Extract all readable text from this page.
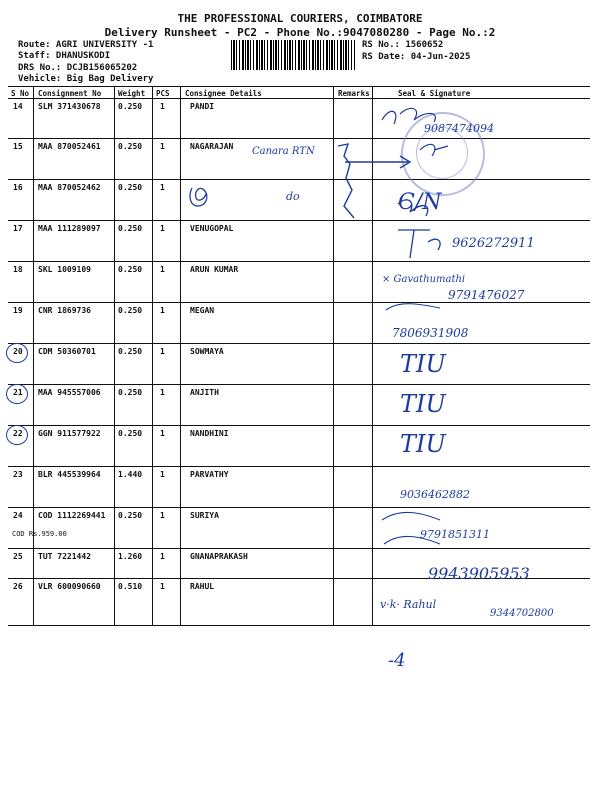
THE PROFESSIONAL COURIERS, COIMBATORE
Delivery Runsheet - PC2 - Phone No.:9047080280 - Page No.:2
Route: AGRI UNIVERSITY -1
Staff: DHANUSKODI
DRS No.: DCJB156065202
Vehicle: Big Bag Delivery
RS No.: 1560652
RS Date: 04-Jun-2025
S No Consignment No Weight PCS Consignee Details	Remarks	Seal & Signature
14 SLM 371430678 0.250 1	PANDI
15 MAA 870052461 0.250 1	NAGARAJAN
16 MAA 870052462 0.250 1
17 MAA 111289097 0.250 1	VENUGOPAL
18 SKL 1009109	0.250 1	ARUN KUMAR
19 CNR 1869736	0.250 1	MEGAN
20 CDM 50360701	0.250 1	SOWMAYA
21 MAA 945557006 0.250 1	ANJITH
22 GGN 911577922 0.250 1	NANDHINI
23 BLR 445539964 1.440 1	PARVATHY
24 COD 1112269441 0.250 1	SURIYA
COD Rs.959.00
25 TUT 7221442	1.260 1	GNANAPRAKASH
26 VLR 600090660 0.510 1	RAHUL
9087474094
Canara RTN
do	C/N
9626272911
× Gavathumathi
9791476027
7806931908
TIU
TIU
TIU
9036462882
9791851311
9943905953
v·k· Rahul
9344702800
-4
